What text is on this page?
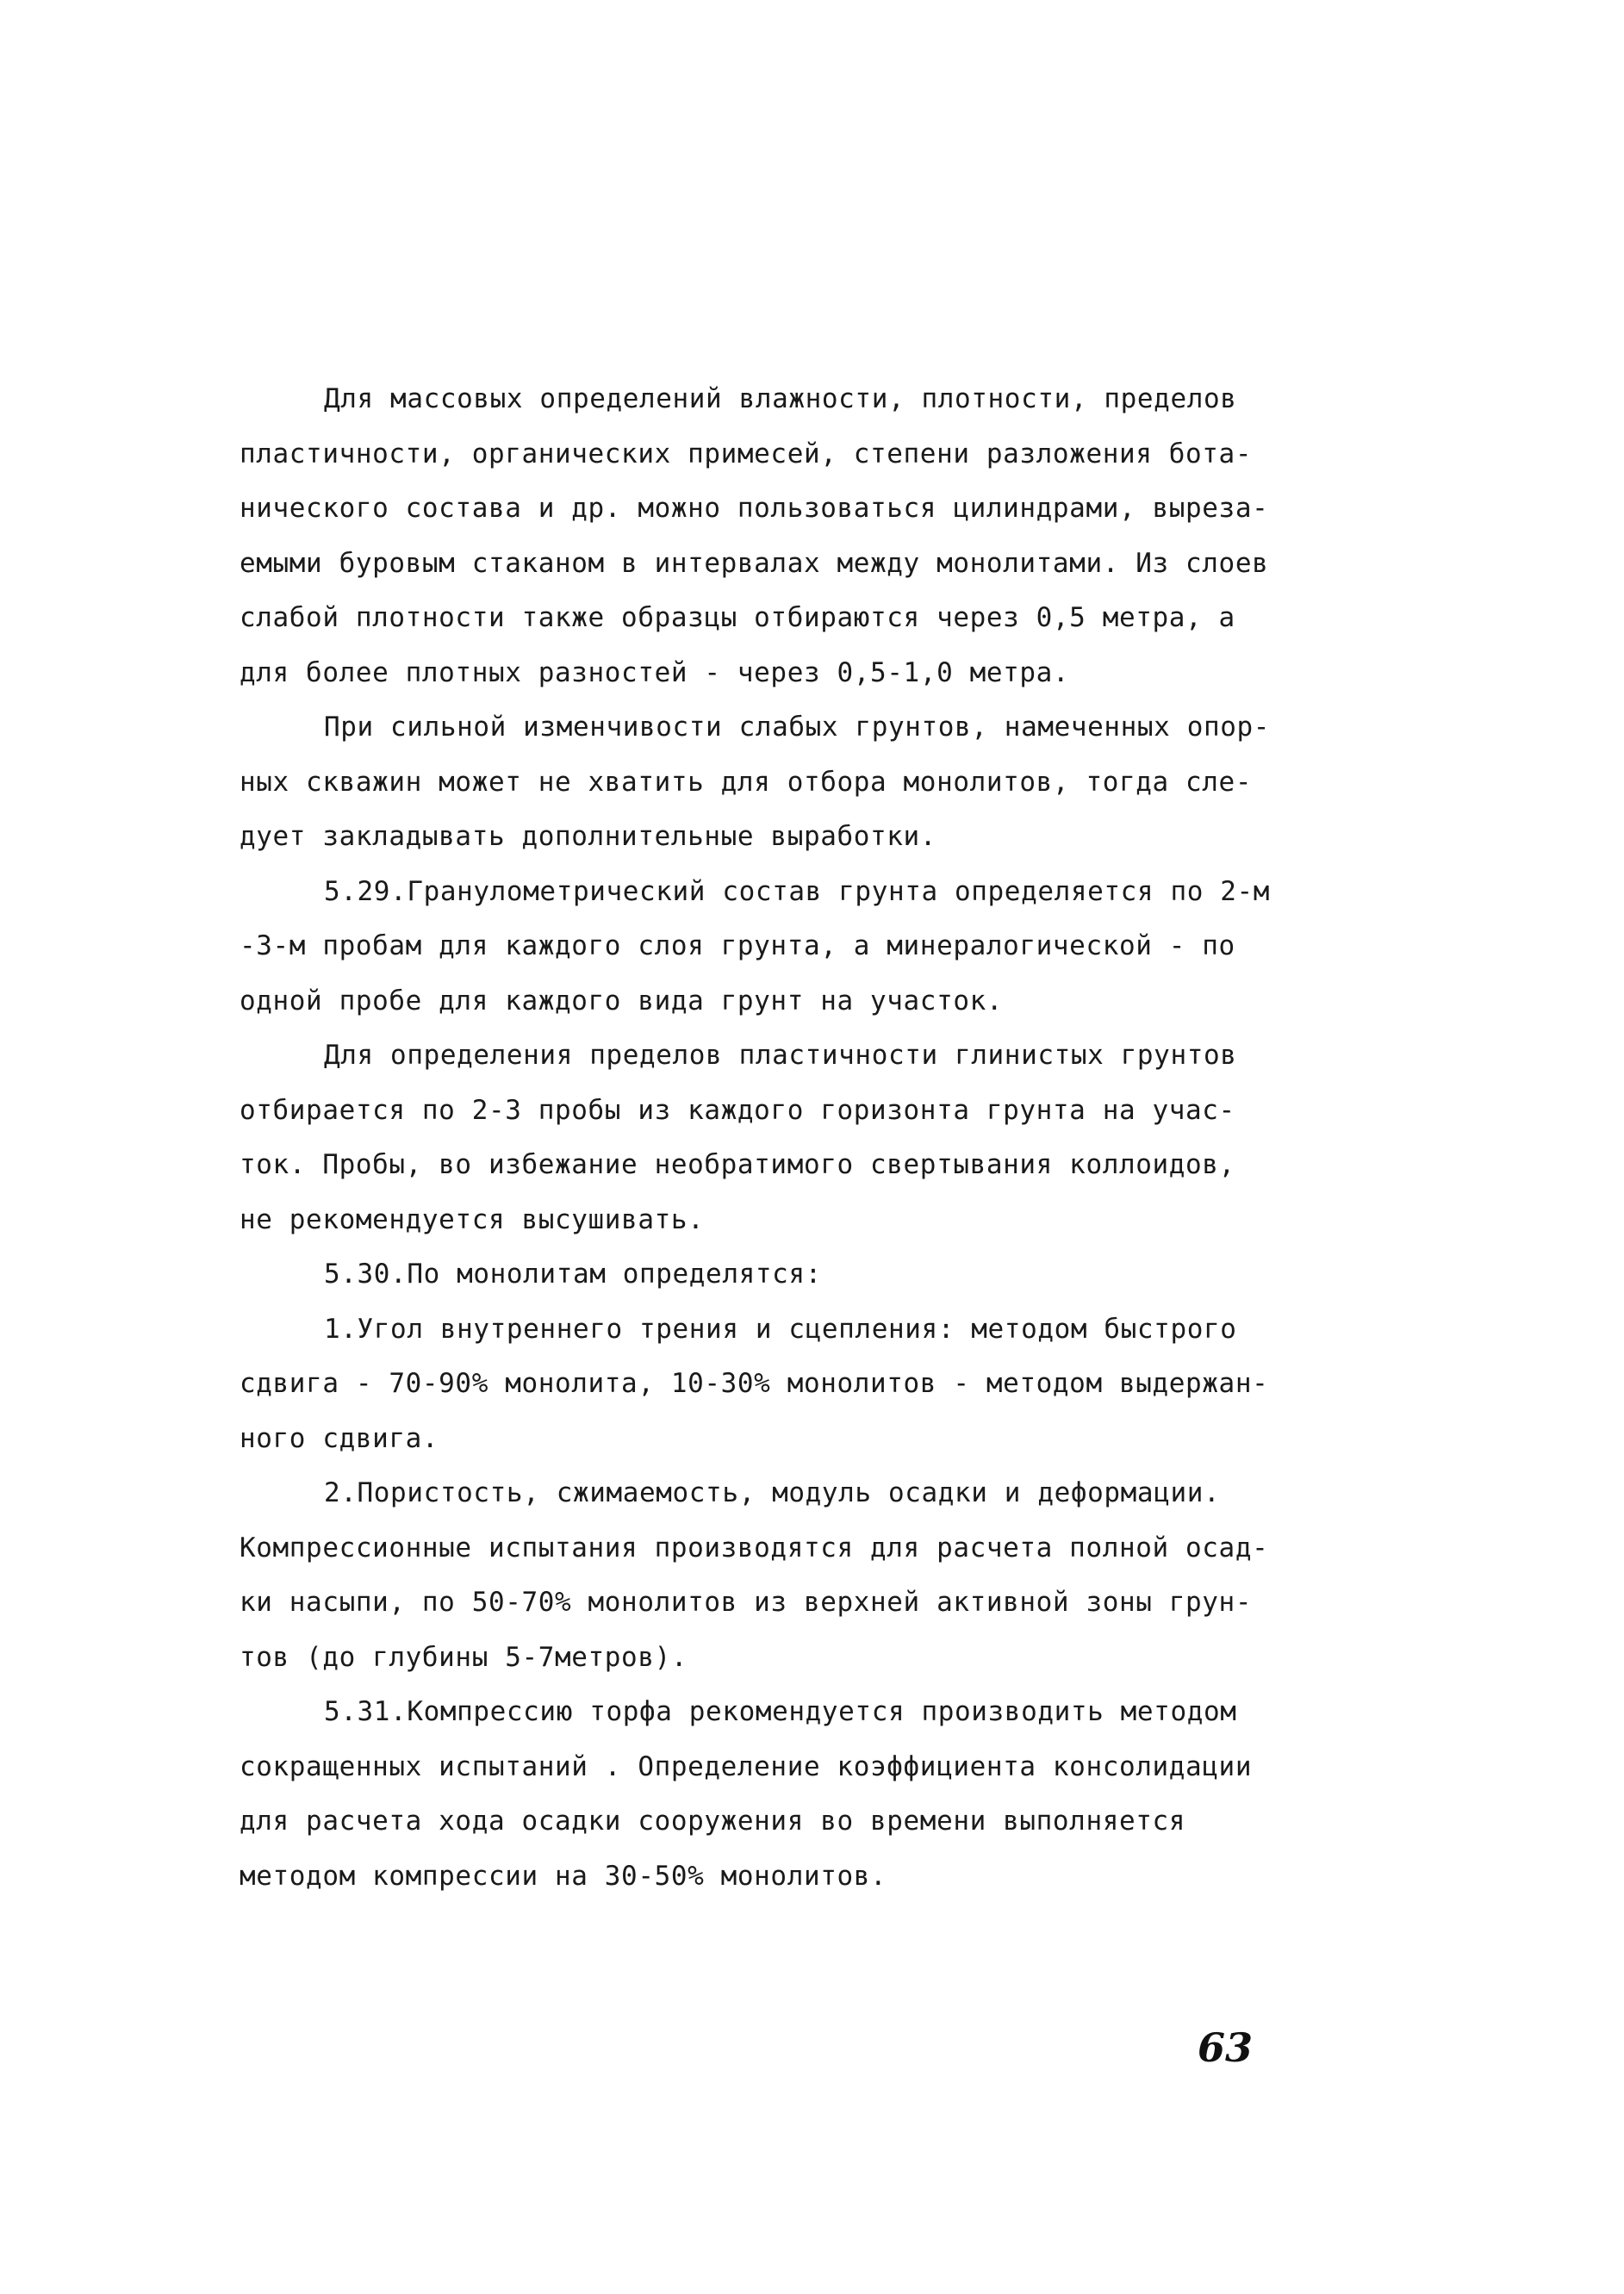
Для массовых определений влажности, плотности, пределов
пластичности, органических примесей, степени разложения бота-
нического состава и др. можно пользоваться цилиндрами, выреза-
емыми буровым стаканом в интервалах между монолитами. Из слоев
слабой плотности также образцы отбираются через 0,5 метра, а
для более плотных разностей - через 0,5-1,0 метра.
При сильной изменчивости слабых грунтов, намеченных опор-
ных скважин может не хватить для отбора монолитов, тогда сле-
дует закладывать дополнительные выработки.
5.29.Гранулометрический состав грунта определяется по 2-м
-3-м пробам для каждого слоя грунта, а минералогической - по
одной пробе для каждого вида грунт на участок.
Для определения пределов пластичности глинистых грунтов
отбирается по 2-3 пробы из каждого горизонта грунта на учас-
ток. Пробы, во избежание необратимого свертывания коллоидов,
не рекомендуется высушивать.
5.30.По монолитам определятся:
1.Угол внутреннего трения и сцепления: методом быстрого
сдвига - 70-90% монолита, 10-30% монолитов - методом выдержан-
ного сдвига.
2.Пористость, сжимаемость, модуль осадки и деформации.
Компрессионные испытания производятся для расчета полной осад-
ки насыпи, по 50-70% монолитов из верхней активной зоны грун-
тов (до глубины 5-7метров).
5.31.Компрессию торфа рекомендуется производить методом
сокращенных испытаний . Определение коэффициента консолидации
для расчета хода осадки сооружения во времени выполняется
методом компрессии на 30-50% монолитов.
63
